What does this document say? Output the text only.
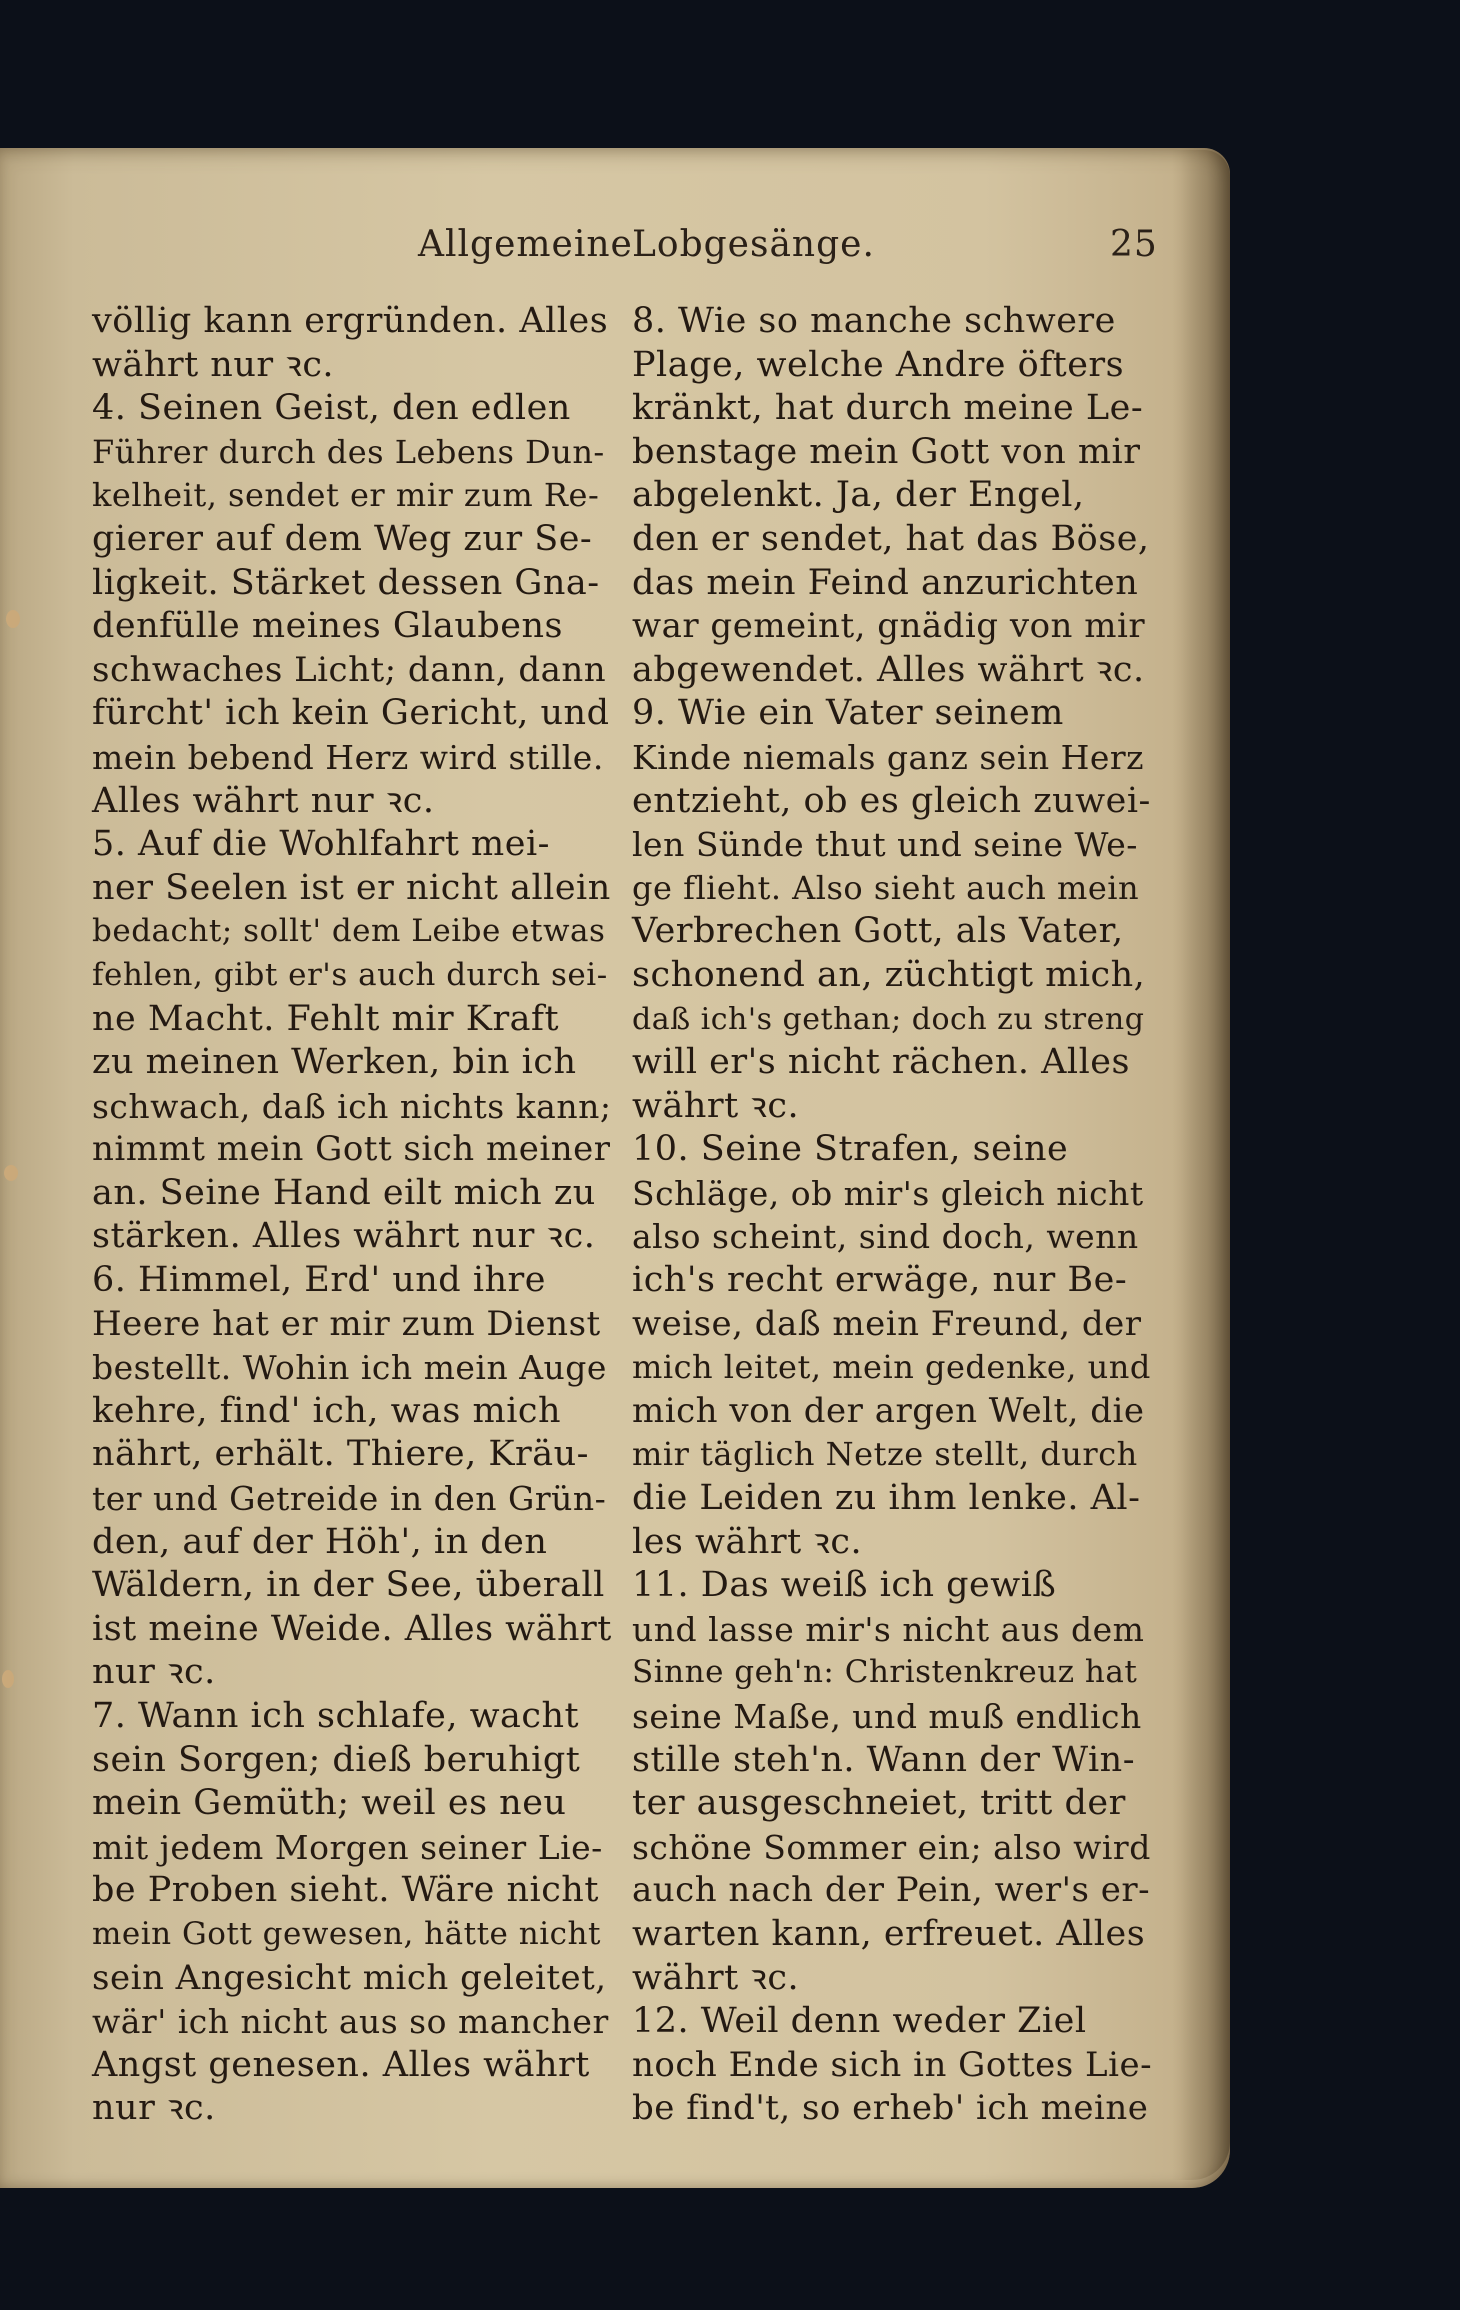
Allgemeine Lobgesänge.	25
völlig kann ergründen. Alles
währt nur ꝛc.
4. Seinen Geist, den edlen
Führer durch des Lebens Dun-
kelheit, sendet er mir zum Re-
gierer auf dem Weg zur Se-
ligkeit. Stärket dessen Gna-
denfülle meines Glaubens
schwaches Licht; dann, dann
fürcht' ich kein Gericht, und
mein bebend Herz wird stille.
Alles währt nur ꝛc.
5. Auf die Wohlfahrt mei-
ner Seelen ist er nicht allein
bedacht; sollt' dem Leibe etwas
fehlen, gibt er's auch durch sei-
ne Macht. Fehlt mir Kraft
zu meinen Werken, bin ich
schwach, daß ich nichts kann;
nimmt mein Gott sich meiner
an. Seine Hand eilt mich zu
stärken. Alles währt nur ꝛc.
6. Himmel, Erd' und ihre
Heere hat er mir zum Dienst
bestellt. Wohin ich mein Auge
kehre, find' ich, was mich
nährt, erhält. Thiere, Kräu-
ter und Getreide in den Grün-
den, auf der Höh', in den
Wäldern, in der See, überall
ist meine Weide. Alles währt
nur ꝛc.
7. Wann ich schlafe, wacht
sein Sorgen; dieß beruhigt
mein Gemüth; weil es neu
mit jedem Morgen seiner Lie-
be Proben sieht. Wäre nicht
mein Gott gewesen, hätte nicht
sein Angesicht mich geleitet,
wär' ich nicht aus so mancher
Angst genesen. Alles währt
nur ꝛc.
8. Wie so manche schwere
Plage, welche Andre öfters
kränkt, hat durch meine Le-
benstage mein Gott von mir
abgelenkt. Ja, der Engel,
den er sendet, hat das Böse,
das mein Feind anzurichten
war gemeint, gnädig von mir
abgewendet. Alles währt ꝛc.
9. Wie ein Vater seinem
Kinde niemals ganz sein Herz
entzieht, ob es gleich zuwei-
len Sünde thut und seine We-
ge flieht. Also sieht auch mein
Verbrechen Gott, als Vater,
schonend an, züchtigt mich,
daß ich's gethan; doch zu streng
will er's nicht rächen. Alles
währt ꝛc.
10. Seine Strafen, seine
Schläge, ob mir's gleich nicht
also scheint, sind doch, wenn
ich's recht erwäge, nur Be-
weise, daß mein Freund, der
mich leitet, mein gedenke, und
mich von der argen Welt, die
mir täglich Netze stellt, durch
die Leiden zu ihm lenke. Al-
les währt ꝛc.
11. Das weiß ich gewiß
und lasse mir's nicht aus dem
Sinne geh'n: Christenkreuz hat
seine Maße, und muß endlich
stille steh'n. Wann der Win-
ter ausgeschneiet, tritt der
schöne Sommer ein; also wird
auch nach der Pein, wer's er-
warten kann, erfreuet. Alles
währt ꝛc.
12. Weil denn weder Ziel
noch Ende sich in Gottes Lie-
be find't, so erheb' ich meine
